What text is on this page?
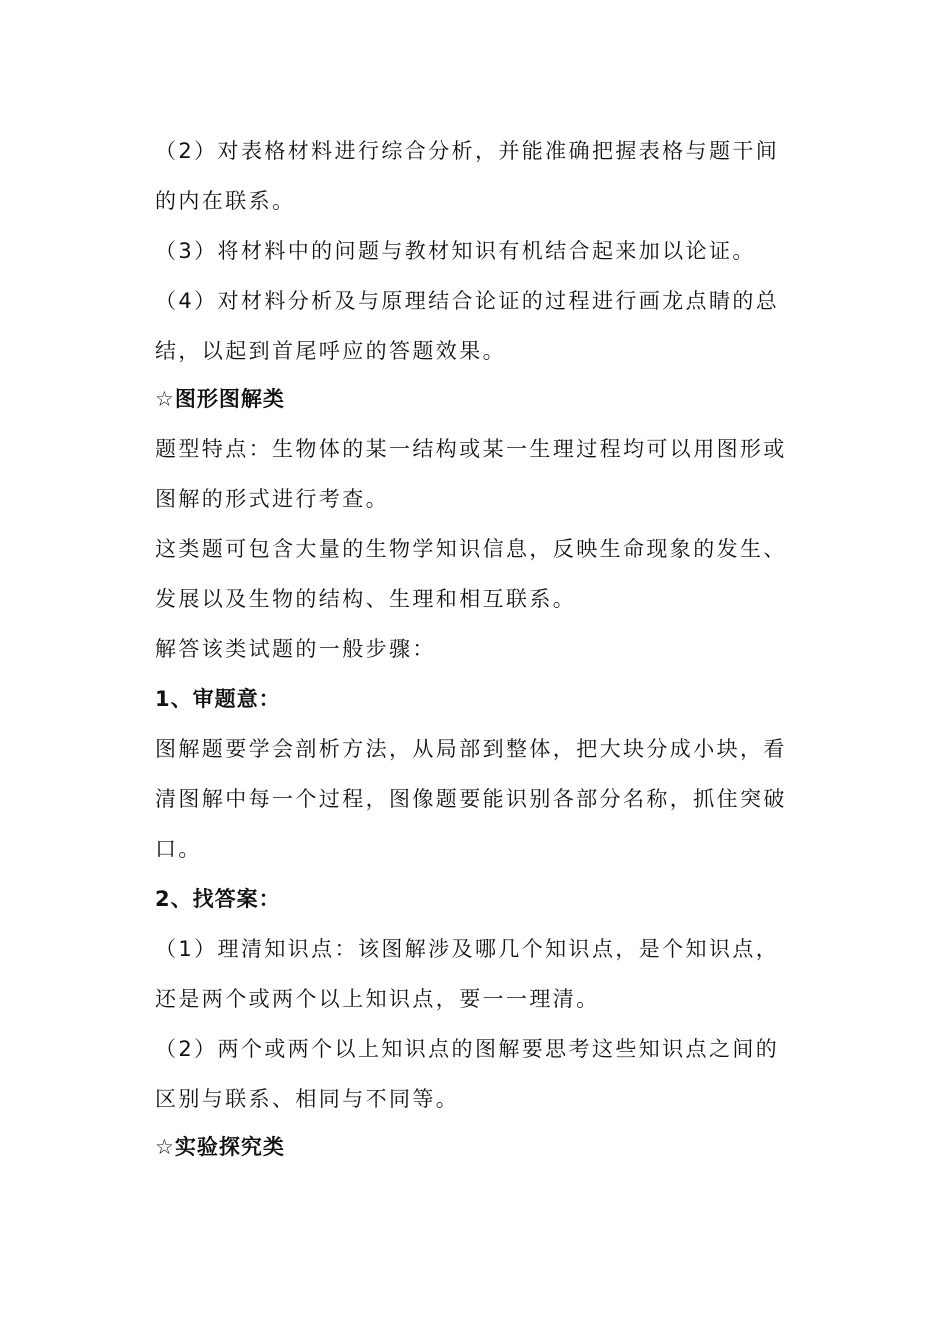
（2）对表格材料进行综合分析，并能准确把握表格与题干间
的内在联系。
（3）将材料中的问题与教材知识有机结合起来加以论证。
（4）对材料分析及与原理结合论证的过程进行画龙点睛的总
结，以起到首尾呼应的答题效果。
☆图形图解类
题型特点：生物体的某一结构或某一生理过程均可以用图形或
图解的形式进行考查。
这类题可包含大量的生物学知识信息，反映生命现象的发生、
发展以及生物的结构、生理和相互联系。
解答该类试题的一般步骤：
1、审题意：
图解题要学会剖析方法，从局部到整体，把大块分成小块，看
清图解中每一个过程，图像题要能识别各部分名称，抓住突破
口。
2、找答案：
（1）理清知识点：该图解涉及哪几个知识点，是个知识点，
还是两个或两个以上知识点，要一一理清。
（2）两个或两个以上知识点的图解要思考这些知识点之间的
区别与联系、相同与不同等。
☆实验探究类
